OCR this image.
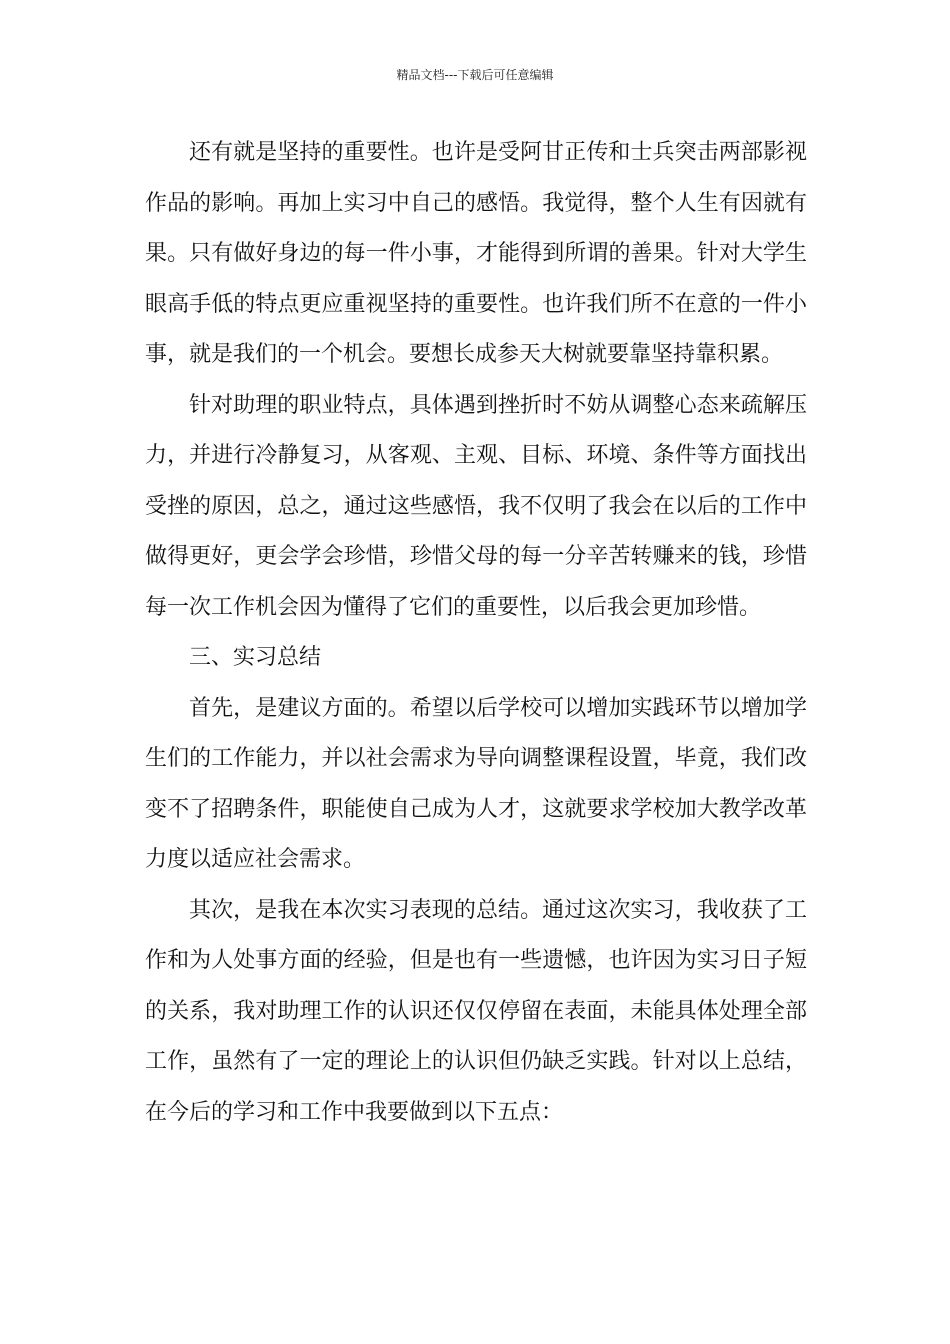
精品文档---下载后可任意编辑

还有就是坚持的重要性。也许是受阿甘正传和士兵突击两部影视作品的影响。再加上实习中自己的感悟。我觉得，整个人生有因就有果。只有做好身边的每一件小事，才能得到所谓的善果。针对大学生眼高手低的特点更应重视坚持的重要性。也许我们所不在意的一件小事，就是我们的一个机会。要想长成参天大树就要靠坚持靠积累。

针对助理的职业特点，具体遇到挫折时不妨从调整心态来疏解压力，并进行冷静复习，从客观、主观、目标、环境、条件等方面找出受挫的原因，总之，通过这些感悟，我不仅明了我会在以后的工作中做得更好，更会学会珍惜，珍惜父母的每一分辛苦转赚来的钱，珍惜每一次工作机会因为懂得了它们的重要性，以后我会更加珍惜。

三、实习总结

首先，是建议方面的。希望以后学校可以增加实践环节以增加学生们的工作能力，并以社会需求为导向调整课程设置，毕竟，我们改变不了招聘条件，职能使自己成为人才，这就要求学校加大教学改革力度以适应社会需求。

其次，是我在本次实习表现的总结。通过这次实习，我收获了工作和为人处事方面的经验，但是也有一些遗憾，也许因为实习日子短的关系，我对助理工作的认识还仅仅停留在表面，未能具体处理全部工作，虽然有了一定的理论上的认识但仍缺乏实践。针对以上总结，在今后的学习和工作中我要做到以下五点：
